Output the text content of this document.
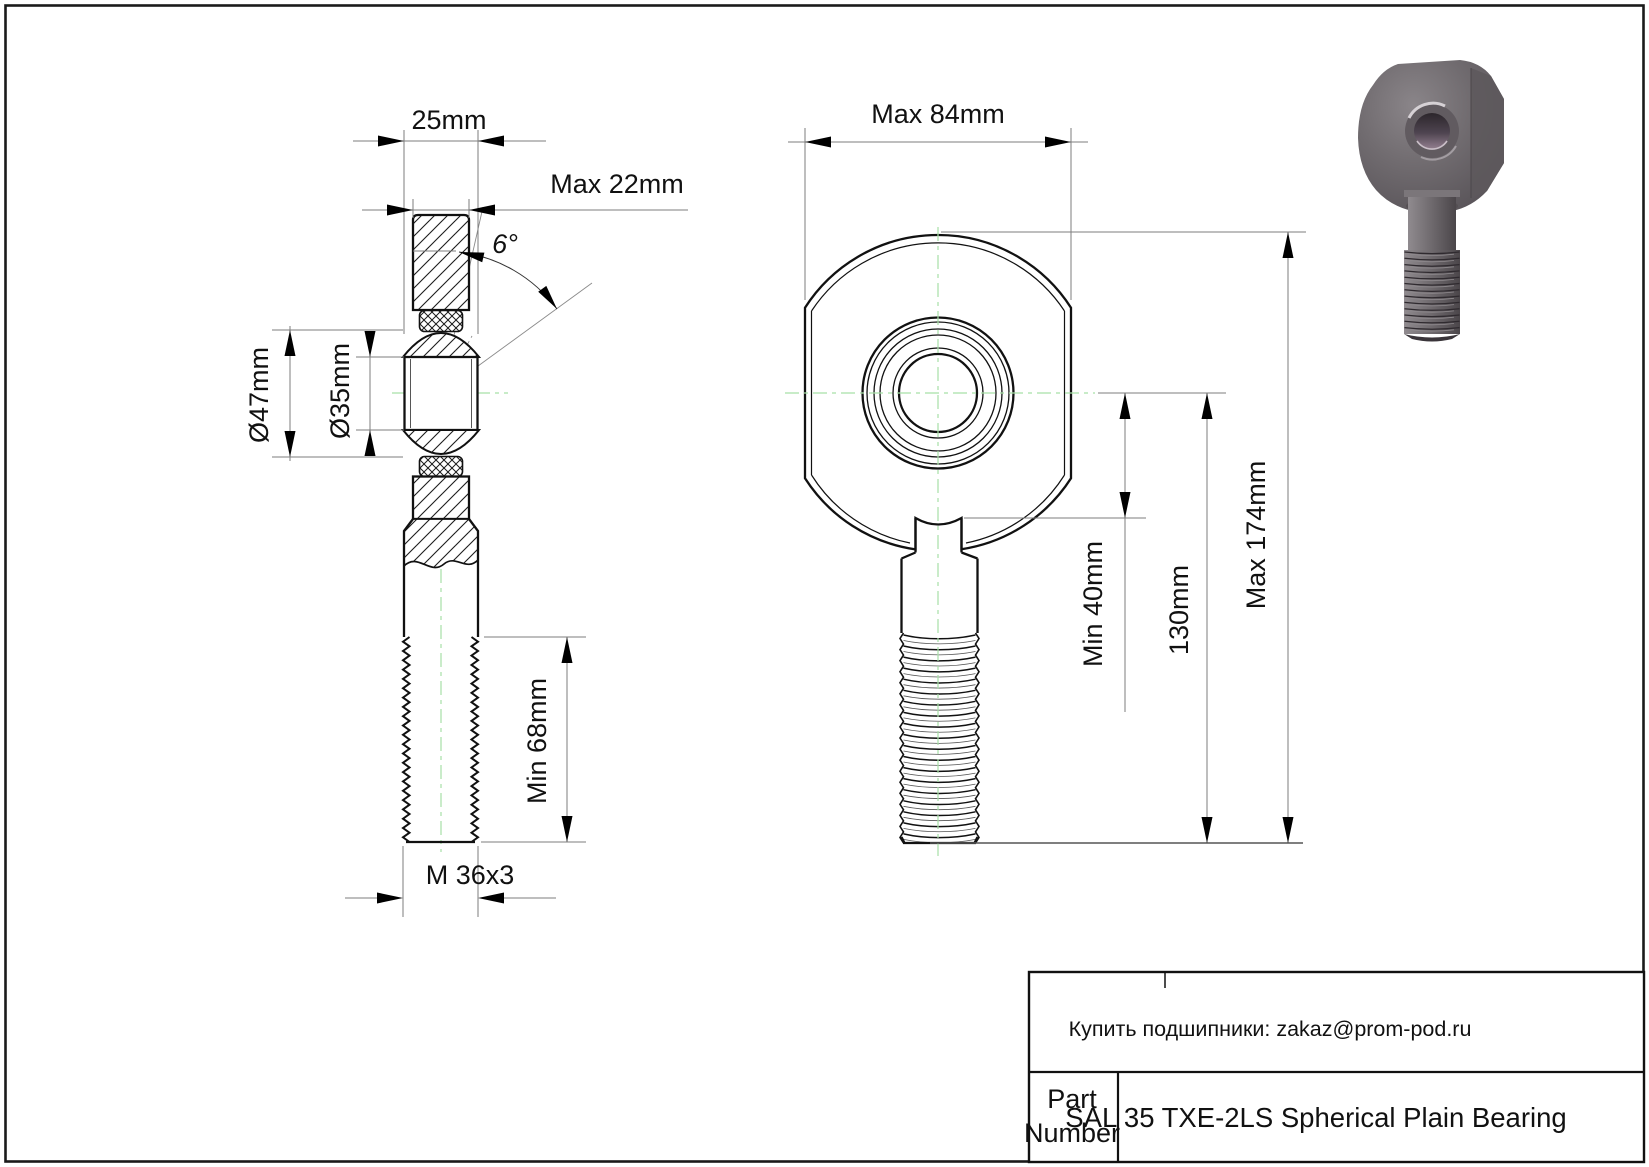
25mm
Max 22mm
6°
Ø47mm Ø35mm
Min 68mm
M 36x3
Max 84mm
Min 40mm 130mm
Max 174mm
Купить подшипники: zakaz@prom-pod.ru
Part
Number
SAL 35 TXE-2LS Spherical Plain Bearing
